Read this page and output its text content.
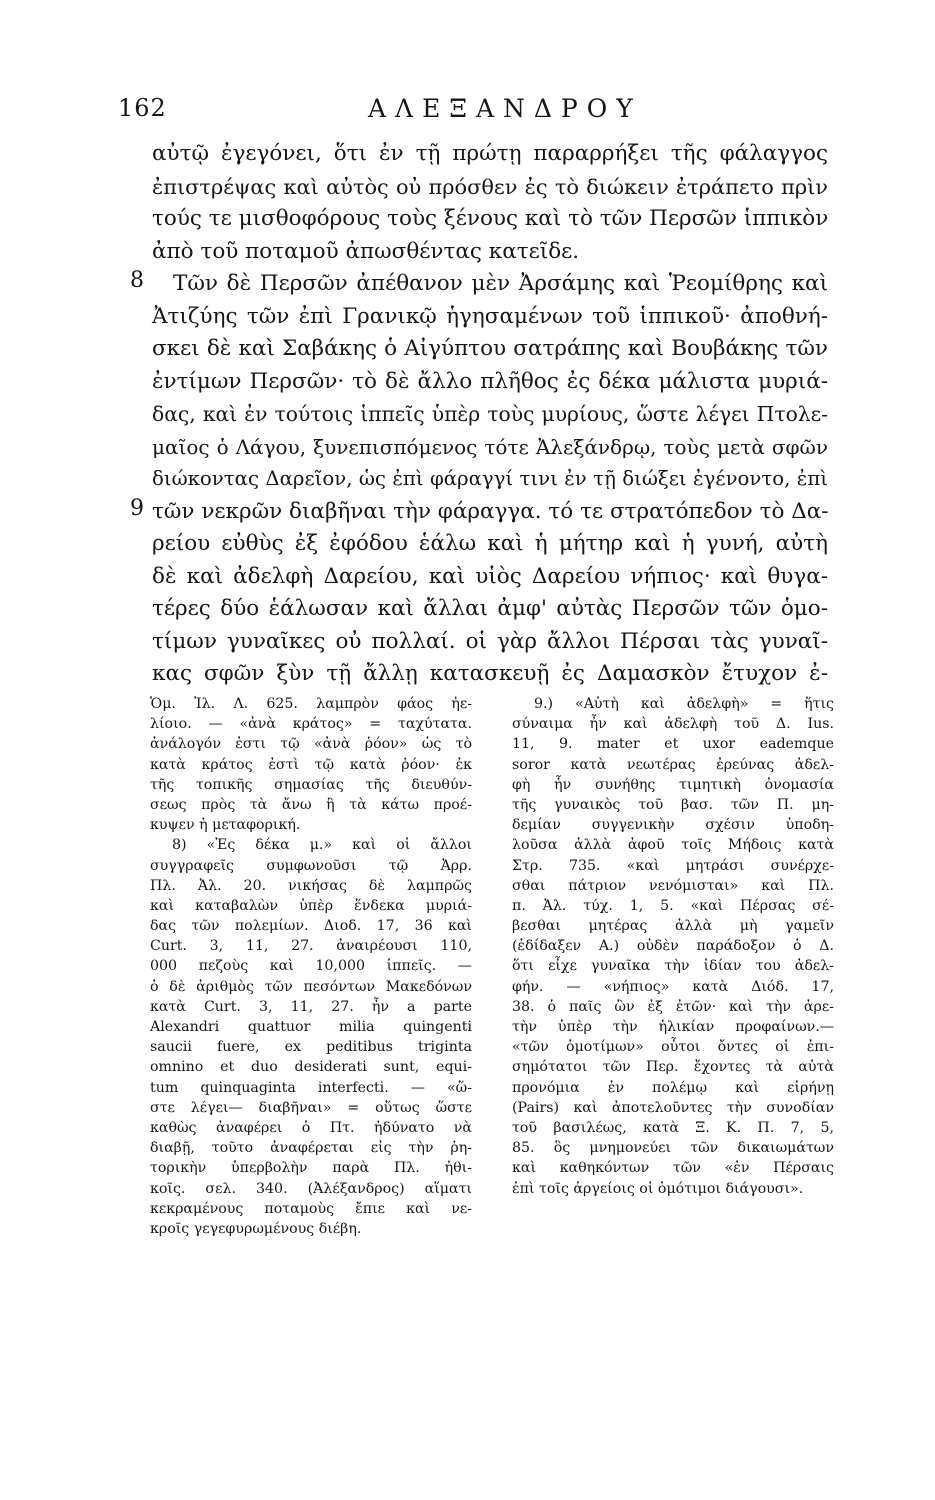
162	ΑΛΕΞΑΝΔΡΟΥ
αὐτῷ ἐγεγόνει, ὅτι ἐν τῇ πρώτῃ παραρρήξει τῆς φάλαγγος
ἐπιστρέψας καὶ αὐτὸς οὐ πρόσθεν ἐς τὸ διώκειν ἐτράπετο πρὶν
τούς τε μισθοφόρους τοὺς ξένους καὶ τὸ τῶν Περσῶν ἱππικὸν
ἀπὸ τοῦ ποταμοῦ ἀπωσθέντας κατεῖδε.
8	Τῶν δὲ Περσῶν ἀπέθανον μὲν Ἀρσάμης καὶ Ῥεομίθρης καὶ
Ἀτιζύης τῶν ἐπὶ Γρανικῷ ἡγησαμένων τοῦ ἱππικοῦ· ἀποθνή-
σκει δὲ καὶ Σαβάκης ὁ Αἰγύπτου σατράπης καὶ Βουβάκης τῶν
ἐντίμων Περσῶν· τὸ δὲ ἄλλο πλῆθος ἐς δέκα μάλιστα μυριά-
δας, καὶ ἐν τούτοις ἱππεῖς ὑπὲρ τοὺς μυρίους, ὥστε λέγει Πτολε-
μαῖος ὁ Λάγου, ξυνεπισπόμενος τότε Ἀλεξάνδρῳ, τοὺς μετὰ σφῶν
διώκοντας Δαρεῖον, ὡς ἐπὶ φάραγγί τινι ἐν τῇ διώξει ἐγένοντο, ἐπὶ
9 τῶν νεκρῶν διαβῆναι τὴν φάραγγα. τό τε στρατόπεδον τὸ Δα-
ρείου εὐθὺς ἐξ ἐφόδου ἑάλω καὶ ἡ μήτηρ καὶ ἡ γυνή, αὐτὴ
δὲ καὶ ἀδελφὴ Δαρείου, καὶ υἱὸς Δαρείου νήπιος· καὶ θυγα-
τέρες δύο ἑάλωσαν καὶ ἄλλαι ἀμφ' αὐτὰς Περσῶν τῶν ὁμο-
τίμων γυναῖκες οὐ πολλαί. οἱ γὰρ ἄλλοι Πέρσαι τὰς γυναῖ-
κας σφῶν ξὺν τῇ ἄλλῃ κατασκευῇ ἐς Δαμασκὸν ἔτυχον ἐ-
Ὁμ. Ἰλ. Λ. 625. λαμπρὸν φάος ἠε-
λίοιο. — «ἀνὰ κράτος» = ταχύτατα.
ἀνάλογόν ἐστι τῷ «ἀνὰ ῥόον» ὡς τὸ
κατὰ κράτος ἐστὶ τῷ κατὰ ῥόον· ἐκ
τῆς τοπικῆς σημασίας τῆς διευθύν-
σεως πρὸς τὰ ἄνω ἢ τὰ κάτω προέ-
κυψεν ἡ μεταφορική.
8) «Ἐς δέκα μ.» καὶ οἱ ἄλλοι
συγγραφεῖς συμφωνοῦσι τῷ Ἀρρ.
Πλ. Ἀλ. 20. νικήσας δὲ λαμπρῶς
καὶ καταβαλὼν ὑπὲρ ἕνδεκα μυριά-
δας τῶν πολεμίων. Διοδ. 17, 36 καὶ
Curt. 3, 11, 27. ἀναιρέουσι 110,
000 πεζοὺς καὶ 10,000 ἱππεῖς. —
ὁ δὲ ἀριθμὸς τῶν πεσόντων Μακεδόνων
κατὰ Curt. 3, 11, 27. ἦν a parte
Alexandri quattuor milia quingenti
saucii fuere, ex peditibus triginta
omnino et duo desiderati sunt, equi-
tum quinquaginta interfecti. — «ὥ-
στε λέγει— διαβῆναι» = οὕτως ὥστε
καθὼς ἀναφέρει ὁ Πτ. ἠδύνατο νὰ
διαβῇ, τοῦτο ἀναφέρεται εἰς τὴν ῥη-
τορικὴν ὑπερβολὴν παρὰ Πλ. ἠθι-
κοῖς. σελ. 340. (Ἀλέξανδρος) αἵματι
κεκραμένους ποταμοὺς ἔπιε καὶ νε-
κροῖς γεγεφυρωμένους διέβη.
9.) «Αὐτὴ καὶ ἀδελφὴ» = ἥτις
σύναιμα ἦν καὶ ἀδελφὴ τοῦ Δ. Ius.
11, 9. mater et uxor eademque
soror κατὰ νεωτέρας ἐρεύνας ἀδελ-
φὴ ἦν συνήθης τιμητικὴ ὀνομασία
τῆς γυναικὸς τοῦ βασ. τῶν Π. μη-
δεμίαν συγγενικὴν σχέσιν ὑποδη-
λοῦσα ἀλλὰ ἀφοῦ τοῖς Μήδοις κατὰ
Στρ. 735. «καὶ μητράσι συνέρχε-
σθαι πάτριον νενόμισται» καὶ Πλ.
π. Ἀλ. τύχ. 1, 5. «καὶ Πέρσας σέ-
βεσθαι μητέρας ἀλλὰ μὴ γαμεῖν
(ἐδίδαξεν Α.) οὐδὲν παράδοξον ὁ Δ.
ὅτι εἶχε γυναῖκα τὴν ἰδίαν του ἀδελ-
φήν. — «νήπιος» κατὰ Διόδ. 17,
38. ὁ παῖς ὢν ἐξ ἐτῶν· καὶ τὴν ἀρε-
τὴν ὑπὲρ τὴν ἡλικίαν προφαίνων.—
«τῶν ὁμοτίμων» οὗτοι ὄντες οἱ ἐπι-
σημότατοι τῶν Περ. ἔχοντες τὰ αὐτὰ
προνόμια ἐν πολέμῳ καὶ εἰρήνῃ
(Pairs) καὶ ἀποτελοῦντες τὴν συνοδίαν
τοῦ βασιλέως, κατὰ Ξ. Κ. Π. 7, 5,
85. ὃς μνημονεύει τῶν δικαιωμάτων
καὶ καθηκόντων τῶν «ἐν Πέρσαις
ἐπὶ τοῖς ἀργείοις οἱ ὁμότιμοι διάγουσι».
